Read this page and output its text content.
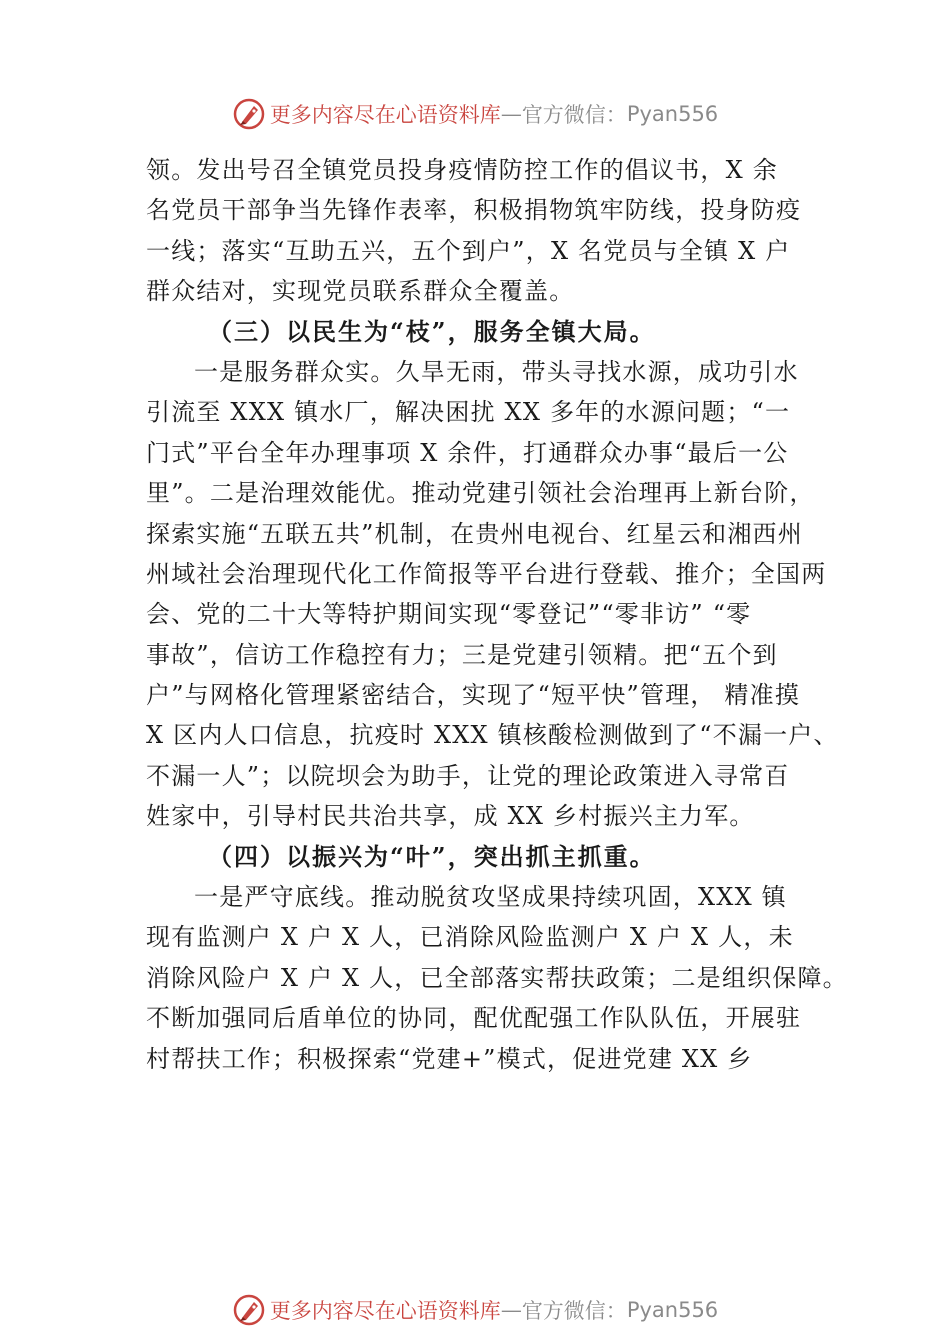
更多内容尽在心语资料库 — 官方微信： Pyan556
领。发出号召全镇党员投身疫情防控工作的倡议书，X 余
名党员干部争当先锋作表率，积极捐物筑牢防线，投身防疫
一线；落实“互助五兴，五个到户”，X 名党员与全镇 X 户
群众结对，实现党员联系群众全覆盖。
（三）以民生为“枝”，服务全镇大局。
一是服务群众实。久旱无雨，带头寻找水源，成功引水
引流至 XXX 镇水厂，解决困扰 XX 多年的水源问题；“一
门式”平台全年办理事项 X 余件，打通群众办事“最后一公
里”。二是治理效能优。推动党建引领社会治理再上新台阶，
探索实施“五联五共”机制，在贵州电视台、红星云和湘西州
州域社会治理现代化工作简报等平台进行登载、推介；全国两
会、党的二十大等特护期间实现“零登记”“零非访” “零
事故”，信访工作稳控有力；三是党建引领精。把“五个到
户”与网格化管理紧密结合，实现了“短平快”管理， 精准摸
X 区内人口信息，抗疫时 XXX 镇核酸检测做到了“不漏一户、
不漏一人”；以院坝会为助手，让党的理论政策进入寻常百
姓家中，引导村民共治共享，成 XX 乡村振兴主力军。
（四）以振兴为“叶”，突出抓主抓重。
一是严守底线。推动脱贫攻坚成果持续巩固，XXX 镇
现有监测户 X 户 X 人，已消除风险监测户 X 户 X 人，未
消除风险户 X 户 X 人，已全部落实帮扶政策；二是组织保障。
不断加强同后盾单位的协同，配优配强工作队队伍，开展驻
村帮扶工作；积极探索“党建+”模式，促进党建 XX 乡
更多内容尽在心语资料库 — 官方微信： Pyan556
